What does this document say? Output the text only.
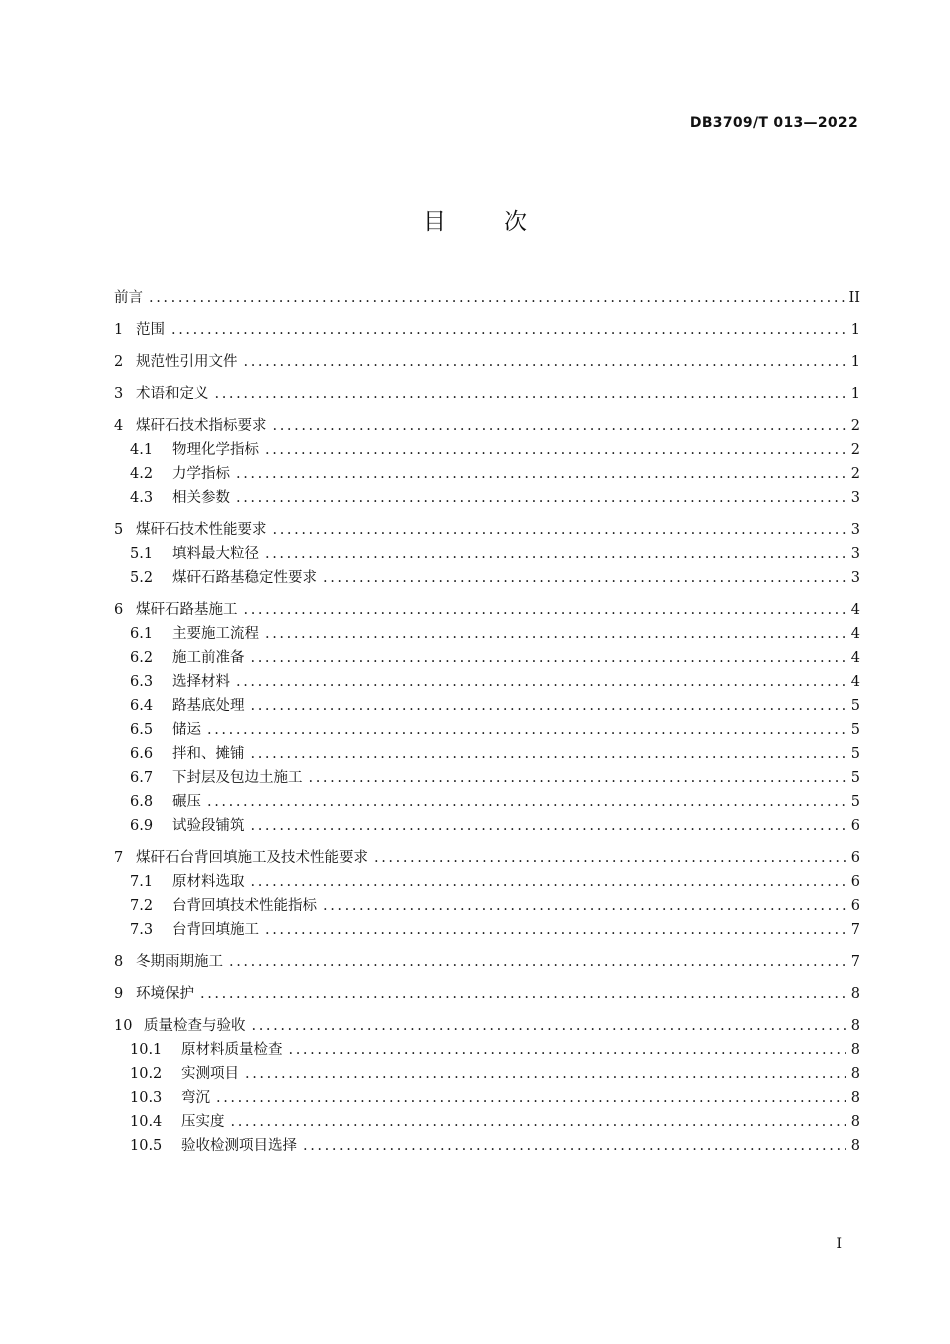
DB3709/T 013—2022
目	次
前言 .....	II
1 范围 .....	1
2 规范性引用文件 .....	1
3 术语和定义 .....	1
4 煤矸石技术指标要求 .....	2
4.1	物理化学指标 .....	2
4.2	力学指标 .....	2
4.3	相关参数 .....	3
5 煤矸石技术性能要求 .....	3
5.1	填料最大粒径 .....	3
5.2	煤矸石路基稳定性要求 .....	3
6 煤矸石路基施工 .....	4
6.1	主要施工流程 .....	4
6.2	施工前准备 .....	4
6.3	选择材料 .....	4
6.4	路基底处理 .....	5
6.5	储运 .....	5
6.6	拌和、摊铺 .....	5
6.7	下封层及包边土施工 .....	5
6.8	碾压 .....	5
6.9	试验段铺筑 .....	6
7 煤矸石台背回填施工及技术性能要求 .....	6
7.1	原材料选取 .....	6
7.2	台背回填技术性能指标 .....	6
7.3	台背回填施工 .....	7
8 冬期雨期施工 .....	7
9 环境保护 .....	8
10 质量检查与验收 .....	8
10.1	原材料质量检查 .....	8
10.2	实测项目 .....	8
10.3	弯沉 .....	8
10.4	压实度 .....	8
10.5	验收检测项目选择 .....	8
I
